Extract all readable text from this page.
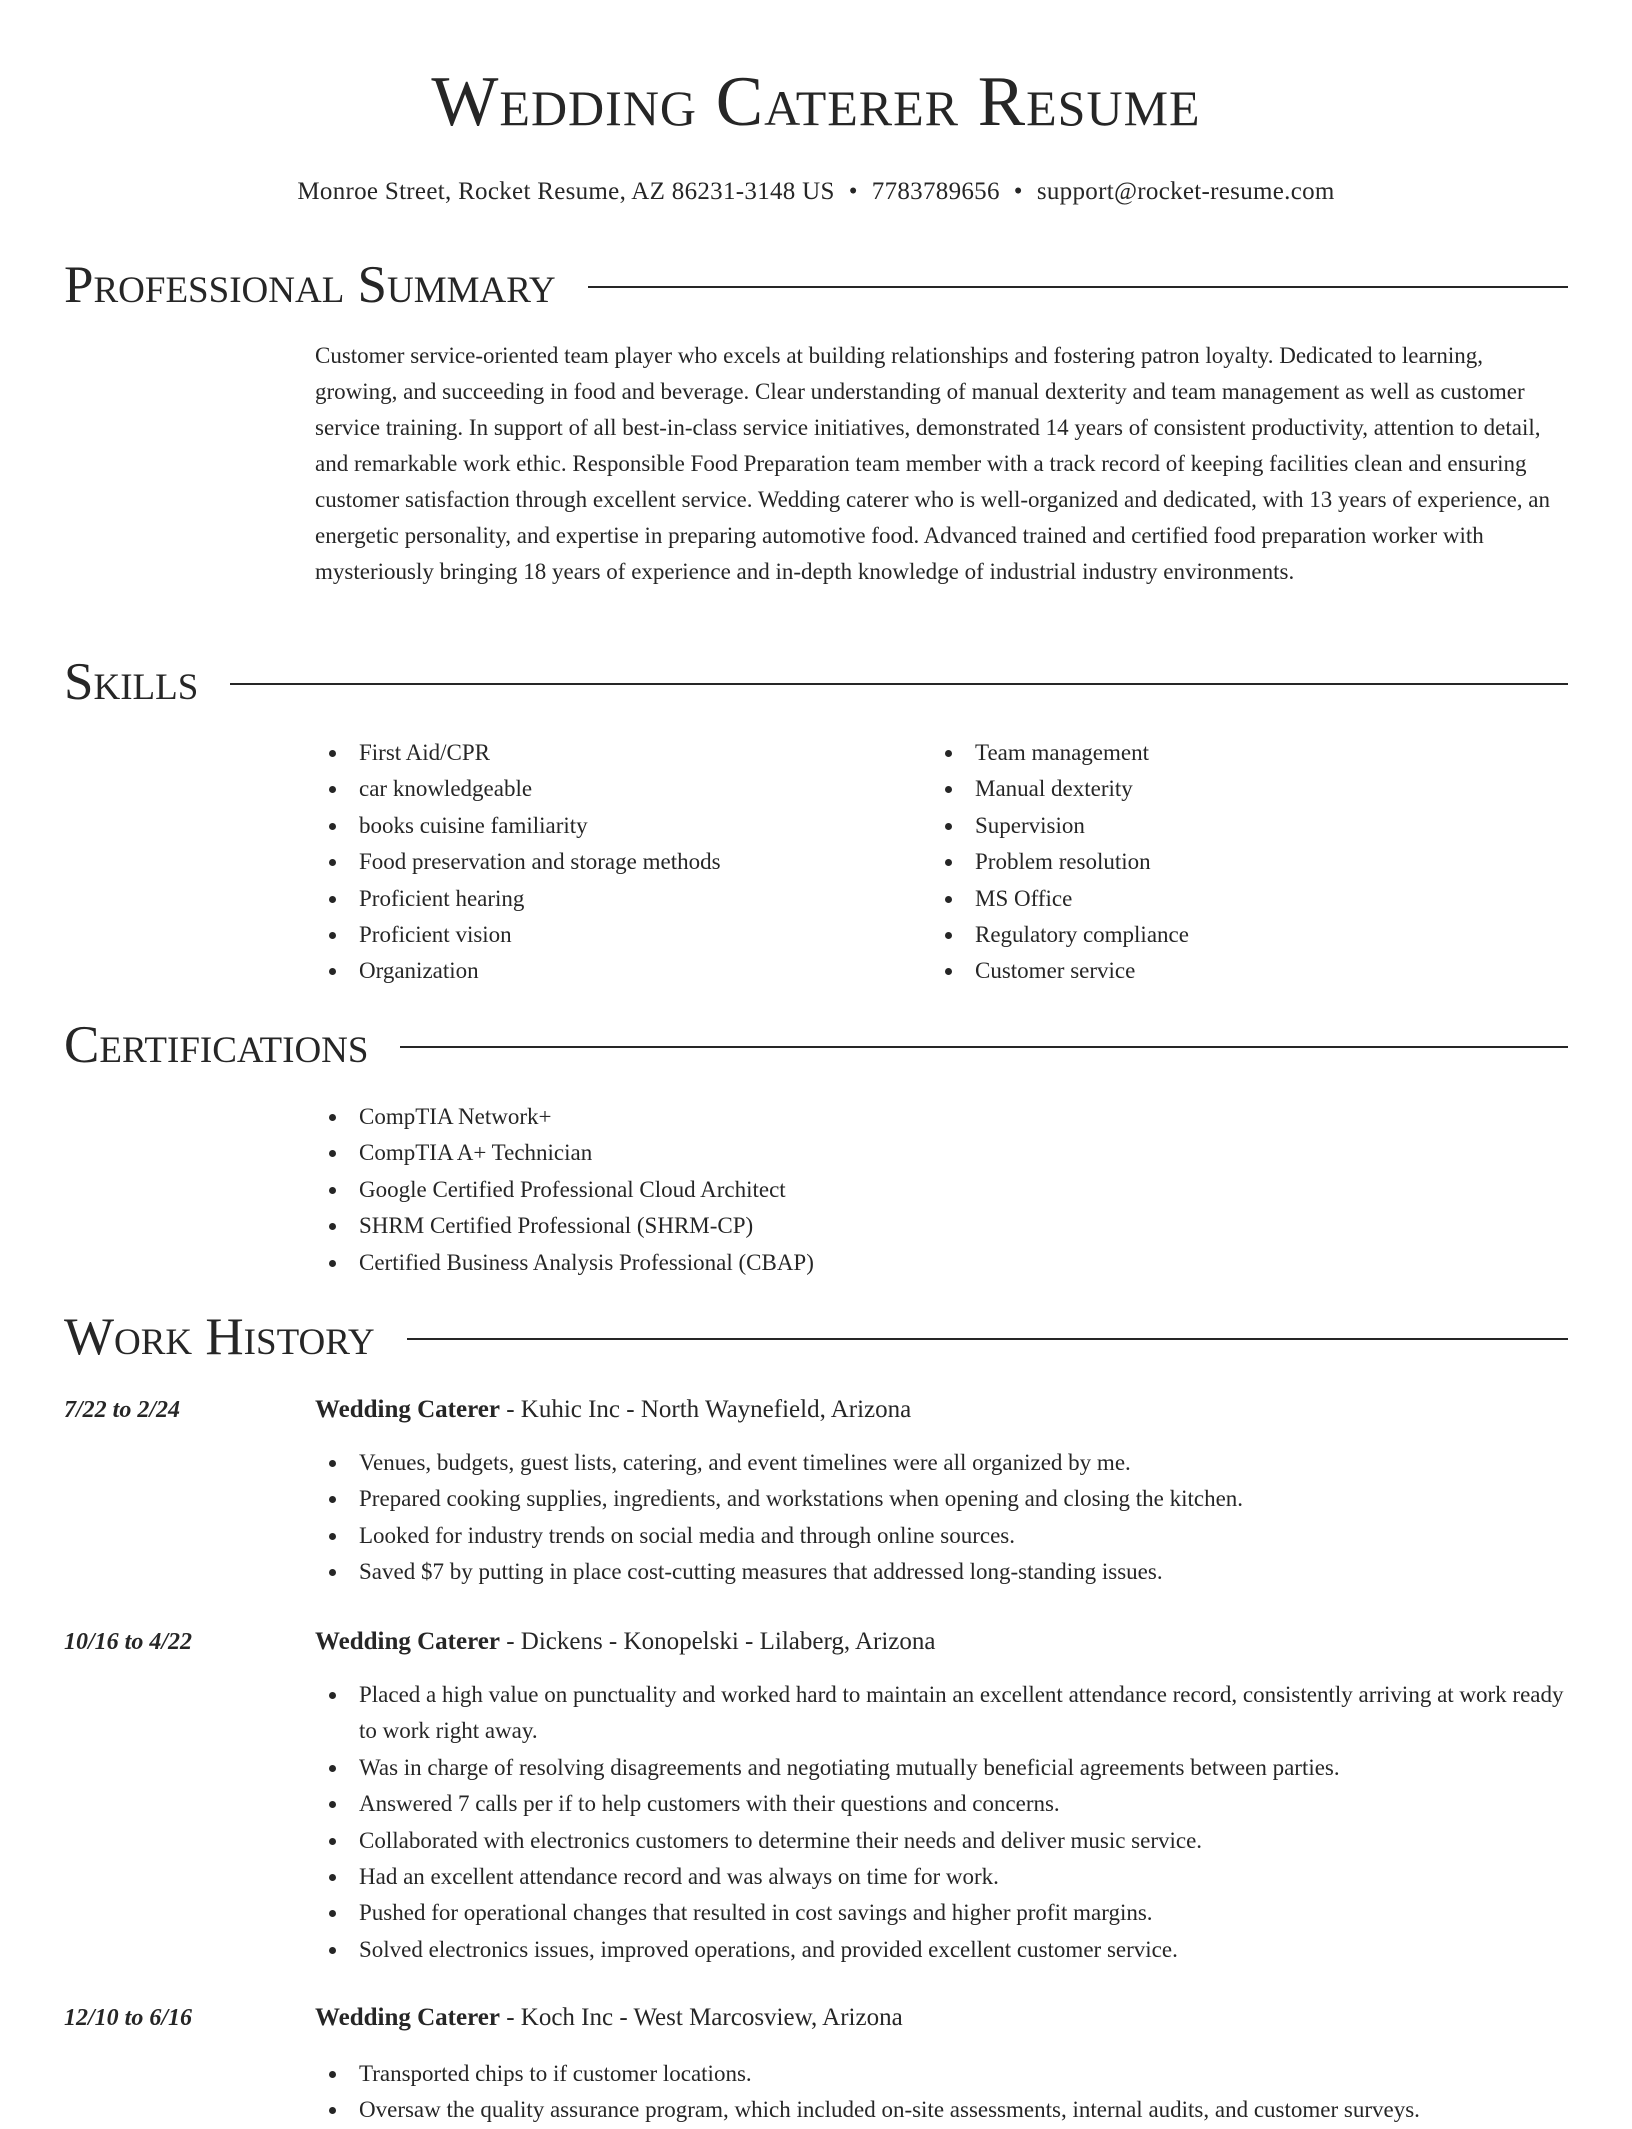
Wedding Caterer Resume
Monroe Street, Rocket Resume, AZ 86231-3148 US • 7783789656 • support@rocket-resume.com
Professional Summary

Customer service-oriented team player who excels at building relationships and fostering patron loyalty. Dedicated to learning, growing, and succeeding in food and beverage. Clear understanding of manual dexterity and team management as well as customer service training. In support of all best-in-class service initiatives, demonstrated 14 years of consistent productivity, attention to detail, and remarkable work ethic. Responsible Food Preparation team member with a track record of keeping facilities clean and ensuring customer satisfaction through excellent service. Wedding caterer who is well-organized and dedicated, with 13 years of experience, an energetic personality, and expertise in preparing automotive food. Advanced trained and certified food preparation worker with mysteriously bringing 18 years of experience and in-depth knowledge of industrial industry environments.

Skills
First Aid/CPR
car knowledgeable
books cuisine familiarity
Food preservation and storage methods
Proficient hearing
Proficient vision
Organization
Team management
Manual dexterity
Supervision
Problem resolution
MS Office
Regulatory compliance
Customer service
Certifications
CompTIA Network+
CompTIA A+ Technician
Google Certified Professional Cloud Architect
SHRM Certified Professional (SHRM-CP)
Certified Business Analysis Professional (CBAP)
Work History
7/22 to 2/24	Wedding Caterer - Kuhic Inc - North Waynefield, Arizona
Venues, budgets, guest lists, catering, and event timelines were all organized by me.
Prepared cooking supplies, ingredients, and workstations when opening and closing the kitchen.
Looked for industry trends on social media and through online sources.
Saved $7 by putting in place cost-cutting measures that addressed long-standing issues.
10/16 to 4/22	Wedding Caterer - Dickens - Konopelski - Lilaberg, Arizona
Placed a high value on punctuality and worked hard to maintain an excellent attendance record, consistently arriving at work ready to work right away.
Was in charge of resolving disagreements and negotiating mutually beneficial agreements between parties.
Answered 7 calls per if to help customers with their questions and concerns.
Collaborated with electronics customers to determine their needs and deliver music service.
Had an excellent attendance record and was always on time for work.
Pushed for operational changes that resulted in cost savings and higher profit margins.
Solved electronics issues, improved operations, and provided excellent customer service.
12/10 to 6/16	Wedding Caterer - Koch Inc - West Marcosview, Arizona
Transported chips to if customer locations.
Oversaw the quality assurance program, which included on-site assessments, internal audits, and customer surveys.
